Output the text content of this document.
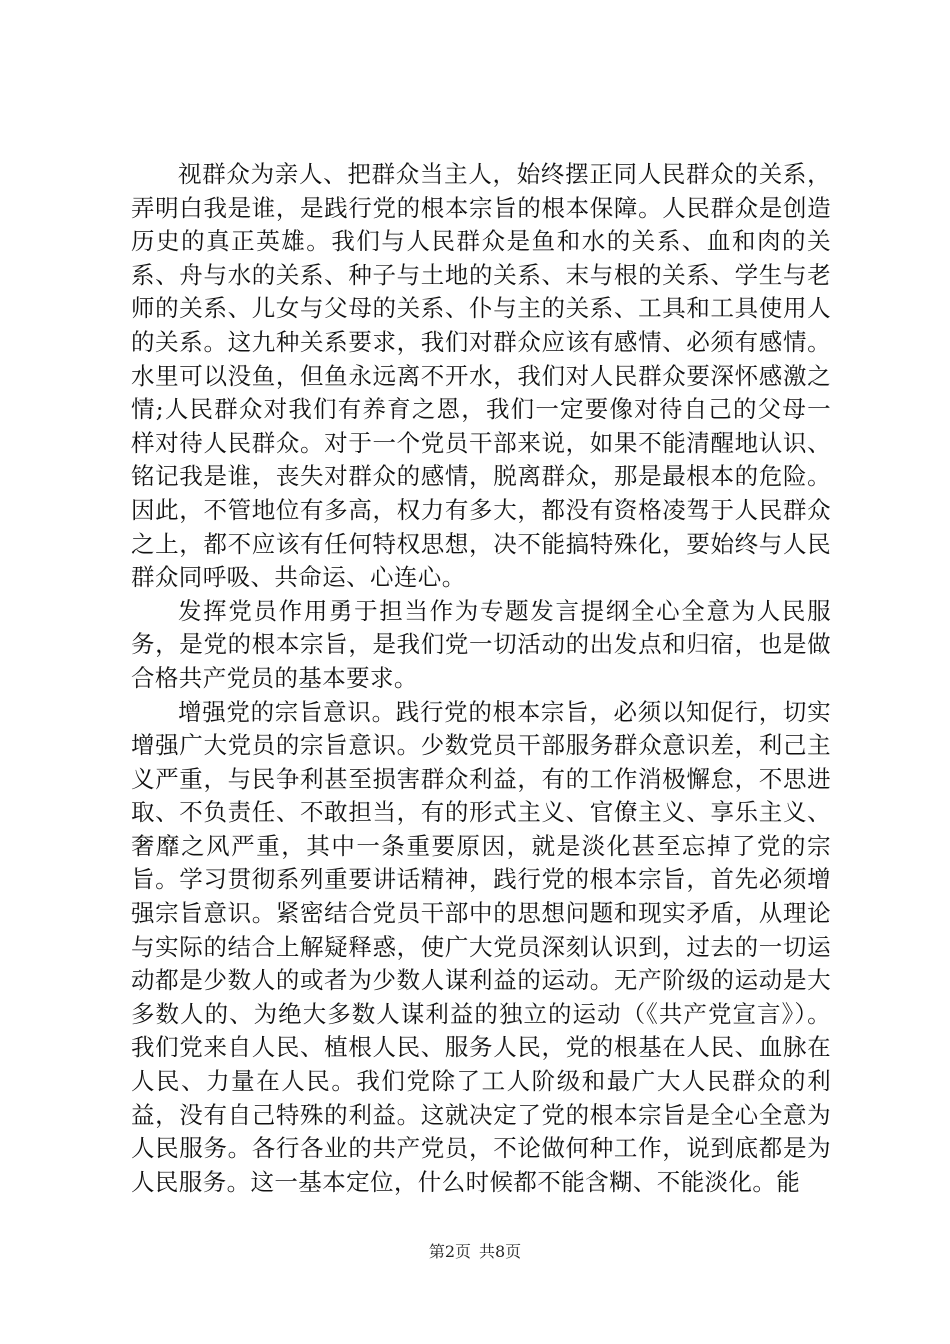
视群众为亲人、把群众当主人，始终摆正同人民群众的关系，弄明白我是谁，是践行党的根本宗旨的根本保障。人民群众是创造历史的真正英雄。我们与人民群众是鱼和水的关系、血和肉的关系、舟与水的关系、种子与土地的关系、末与根的关系、学生与老师的关系、儿女与父母的关系、仆与主的关系、工具和工具使用人的关系。这九种关系要求，我们对群众应该有感情、必须有感情。水里可以没鱼，但鱼永远离不开水，我们对人民群众要深怀感激之情;人民群众对我们有养育之恩，我们一定要像对待自己的父母一样对待人民群众。对于一个党员干部来说，如果不能清醒地认识、铭记我是谁，丧失对群众的感情，脱离群众，那是最根本的危险。因此，不管地位有多高，权力有多大，都没有资格凌驾于人民群众之上，都不应该有任何特权思想，决不能搞特殊化，要始终与人民群众同呼吸、共命运、心连心。

发挥党员作用勇于担当作为专题发言提纲全心全意为人民服务，是党的根本宗旨，是我们党一切活动的出发点和归宿，也是做合格共产党员的基本要求。

增强党的宗旨意识。践行党的根本宗旨，必须以知促行，切实增强广大党员的宗旨意识。少数党员干部服务群众意识差，利己主义严重，与民争利甚至损害群众利益，有的工作消极懈怠，不思进取、不负责任、不敢担当，有的形式主义、官僚主义、享乐主义、奢靡之风严重，其中一条重要原因，就是淡化甚至忘掉了党的宗旨。学习贯彻系列重要讲话精神，践行党的根本宗旨，首先必须增强宗旨意识。紧密结合党员干部中的思想问题和现实矛盾，从理论与实际的结合上解疑释惑，使广大党员深刻认识到，过去的一切运动都是少数人的或者为少数人谋利益的运动。无产阶级的运动是大多数人的、为绝大多数人谋利益的独立的运动（《共产党宣言》）。我们党来自人民、植根人民、服务人民，党的根基在人民、血脉在人民、力量在人民。我们党除了工人阶级和最广大人民群众的利益，没有自己特殊的利益。这就决定了党的根本宗旨是全心全意为人民服务。各行各业的共产党员，不论做何种工作，说到底都是为人民服务。这一基本定位，什么时候都不能含糊、不能淡化。能

第2页 共8页
